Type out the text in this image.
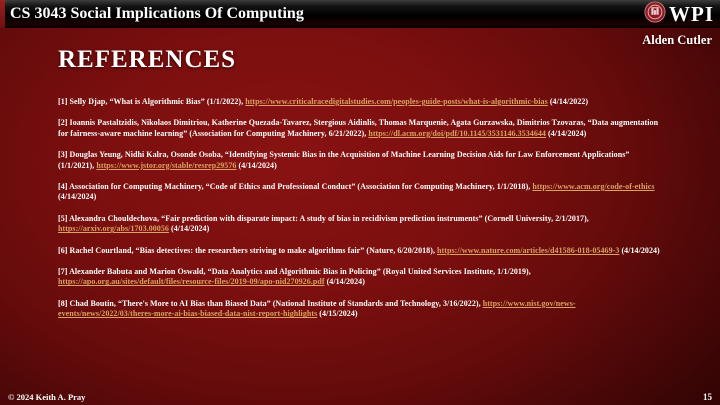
CS 3043 Social Implications Of Computing	WPI
Alden Cutler
REFERENCES

[1] Selly Djap, “What is Algorithmic Bias” (1/1/2022), https://www.criticalracedigitalstudies.com/peoples-guide-posts/what-is-algorithmic-bias (4/14/2022)

[2] Ioannis Pastaltzidis, Nikolaos Dimitriou, Katherine Quezada-Tavarez, Stergious Aidinlis, Thomas Marquenie, Agata Gurzawska, Dimitrios Tzovaras, “Data augmentation for fairness-aware machine learning” (Association for Computing Machinery, 6/21/2022), https://dl.acm.org/doi/pdf/10.1145/3531146.3534644 (4/14/2024)

[3] Douglas Yeung, Nidhi Kalra, Osonde Osoba, “Identifying Systemic Bias in the Acquisition of Machine Learning Decision Aids for Law Enforcement Applications” (1/1/2021), https://www.jstor.org/stable/resrep29576 (4/14/2024)

[4] Association for Computing Machinery, “Code of Ethics and Professional Conduct” (Association for Computing Machinery, 1/1/2018), https://www.acm.org/code-of-ethics (4/14/2024)

[5] Alexandra Chouldechova, “Fair prediction with disparate impact: A study of bias in recidivism prediction instruments” (Cornell University, 2/1/2017), https://arxiv.org/abs/1703.00056 (4/14/2024)

[6] Rachel Courtland, “Bias detectives: the researchers striving to make algorithms fair” (Nature, 6/20/2018), https://www.nature.com/articles/d41586-018-05469-3 (4/14/2024)

[7] Alexander Babuta and Marion Oswald, “Data Analytics and Algorithmic Bias in Policing” (Royal United Services Institute, 1/1/2019), https://apo.org.au/sites/default/files/resource-files/2019-09/apo-nid270926.pdf (4/14/2024)

[8] Chad Boutin, “There's More to AI Bias than Biased Data” (National Institute of Standards and Technology, 3/16/2022), https://www.nist.gov/news-events/news/2022/03/theres-more-ai-bias-biased-data-nist-report-highlights (4/15/2024)

© 2024 Keith A. Pray	15
